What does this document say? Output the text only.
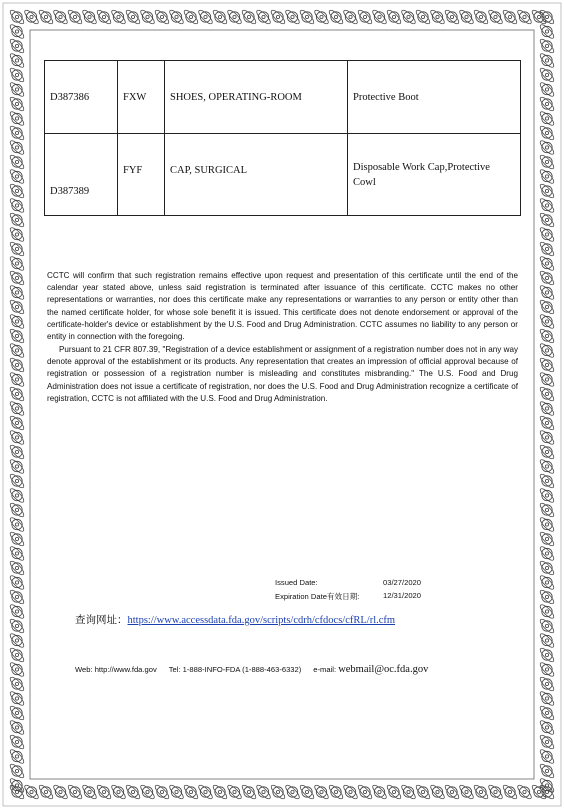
D387386	FXW	SHOES, OPERATING-ROOM	Protective Boot
D387389	FYF	CAP, SURGICAL	Disposable Work Cap,Protective Cowl

CCTC will confirm that such registration remains effective upon request and presentation of this certificate until the end of the calendar year stated above, unless said registration is terminated after issuance of this certificate. CCTC makes no other representations or warranties, nor does this certificate make any representations or warranties to any person or entity other than the named certificate holder, for whose sole benefit it is issued. This certificate does not denote endorsement or approval of the certificate-holder's device or establishment by the U.S. Food and Drug Administration. CCTC assumes no liability to any person or entity in connection with the foregoing.

Pursuant to 21 CFR 807.39, "Registration of a device establishment or assignment of a registration number does not in any way denote approval of the establishment or its products. Any representation that creates an impression of official approval because of registration or possession of a registration number is misleading and constitutes misbranding." The U.S. Food and Drug Administration does not issue a certificate of registration, nor does the U.S. Food and Drug Administration recognize a certificate of registration, CCTC is not affiliated with the U.S. Food and Drug Administration.

Issued Date:	03/27/2020
Expiration Date有效日期:	12/31/2020
查询网址：https://www.accessdata.fda.gov/scripts/cdrh/cfdocs/cfRL/rl.cfm
Web: http://www.fda.gov Tel: 1-888-INFO-FDA (1-888-463-6332) e-mail: webmail@oc.fda.gov
